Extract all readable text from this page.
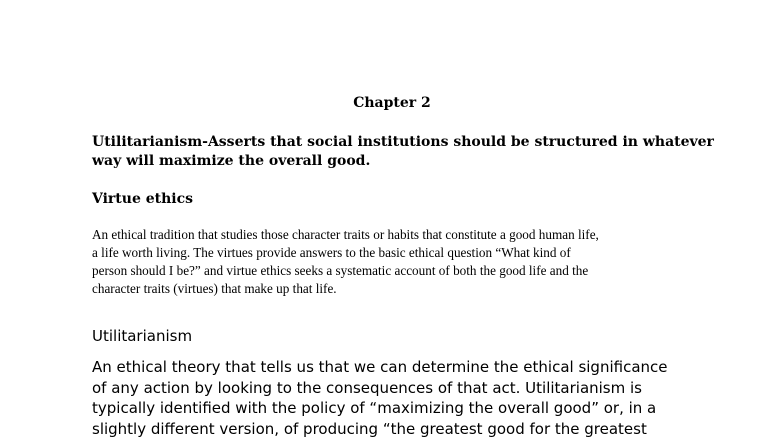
Chapter 2

Utilitarianism-Asserts that social institutions should be structured in whatever
way will maximize the overall good.

Virtue ethics

An ethical tradition that studies those character traits or habits that constitute a good human life,
a life worth living. The virtues provide answers to the basic ethical question “What kind of
person should I be?” and virtue ethics seeks a systematic account of both the good life and the
character traits (virtues) that make up that life.

Utilitarianism

An ethical theory that tells us that we can determine the ethical significance
of any action by looking to the consequences of that act. Utilitarianism is
typically identified with the policy of “maximizing the overall good” or, in a
slightly different version, of producing “the greatest good for the greatest
